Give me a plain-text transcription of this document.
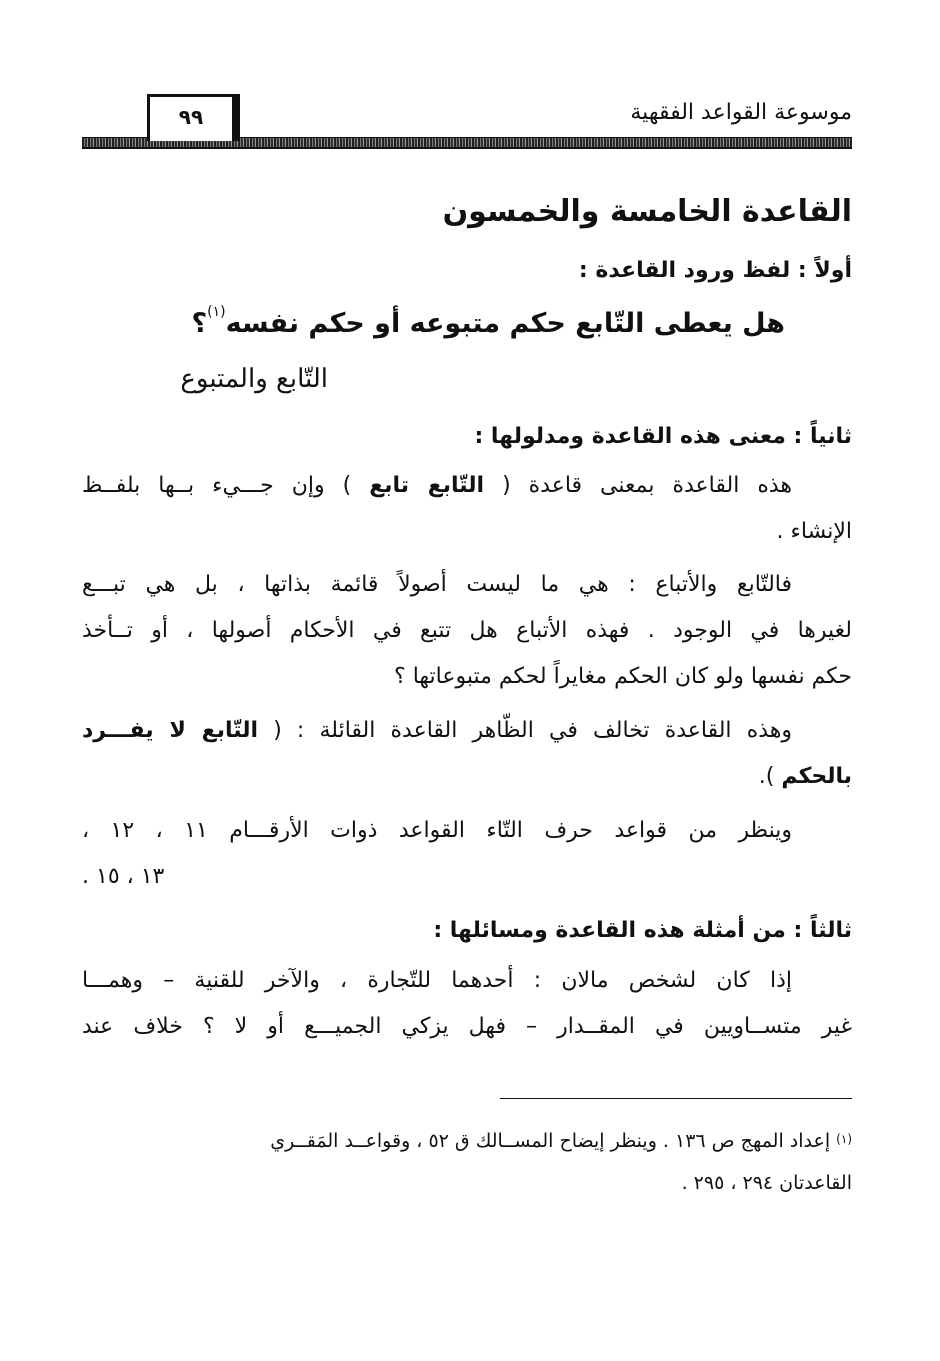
موسوعة القواعد الفقهية
٩٩
القاعدة الخامسة والخمسون
أولاً : لفظ ورود القاعدة :
هل يعطى التّابع حكم متبوعه أو حكم نفسه$^{(١)}$؟
التّابع والمتبوع
ثانياً : معنى هذه القاعدة ومدلولها :
هذه القاعدة بمعنى قاعدة ( التّابع تابع ) وإن جـــيء بــها بلفــظ
الإنشاء .
فالتّابع والأتباع : هي ما ليست أصولاً قائمة بذاتها ، بل هي تبـــع
لغيرها في الوجود . فهذه الأتباع هل تتبع في الأحكام أصولها ، أو تــأخذ
حكم نفسها ولو كان الحكم مغايراً لحكم متبوعاتها ؟
وهذه القاعدة تخالف في الظّاهر القاعدة القائلة : ( التّابع لا يفـــرد
بالحكم ).
وينظر من قواعد حرف التّاء القواعد ذوات الأرقـــام ١١ ، ١٢ ،
١٣ ، ١٥ .
ثالثاً : من أمثلة هذه القاعدة ومسائلها :
إذا كان لشخص مالان : أحدهما للتّجارة ، والآخر للقنية – وهمـــا
غير متســاويين في المقــدار – فهل يزكي الجميـــع أو لا ؟ خلاف عند
$^{(١)}$ إعداد المهج ص ١٣٦ . وينظر إيضاح المســالك ق ٥٢ ، وقواعــد المَقــري
القاعدتان ٢٩٤ ، ٢٩٥ .
